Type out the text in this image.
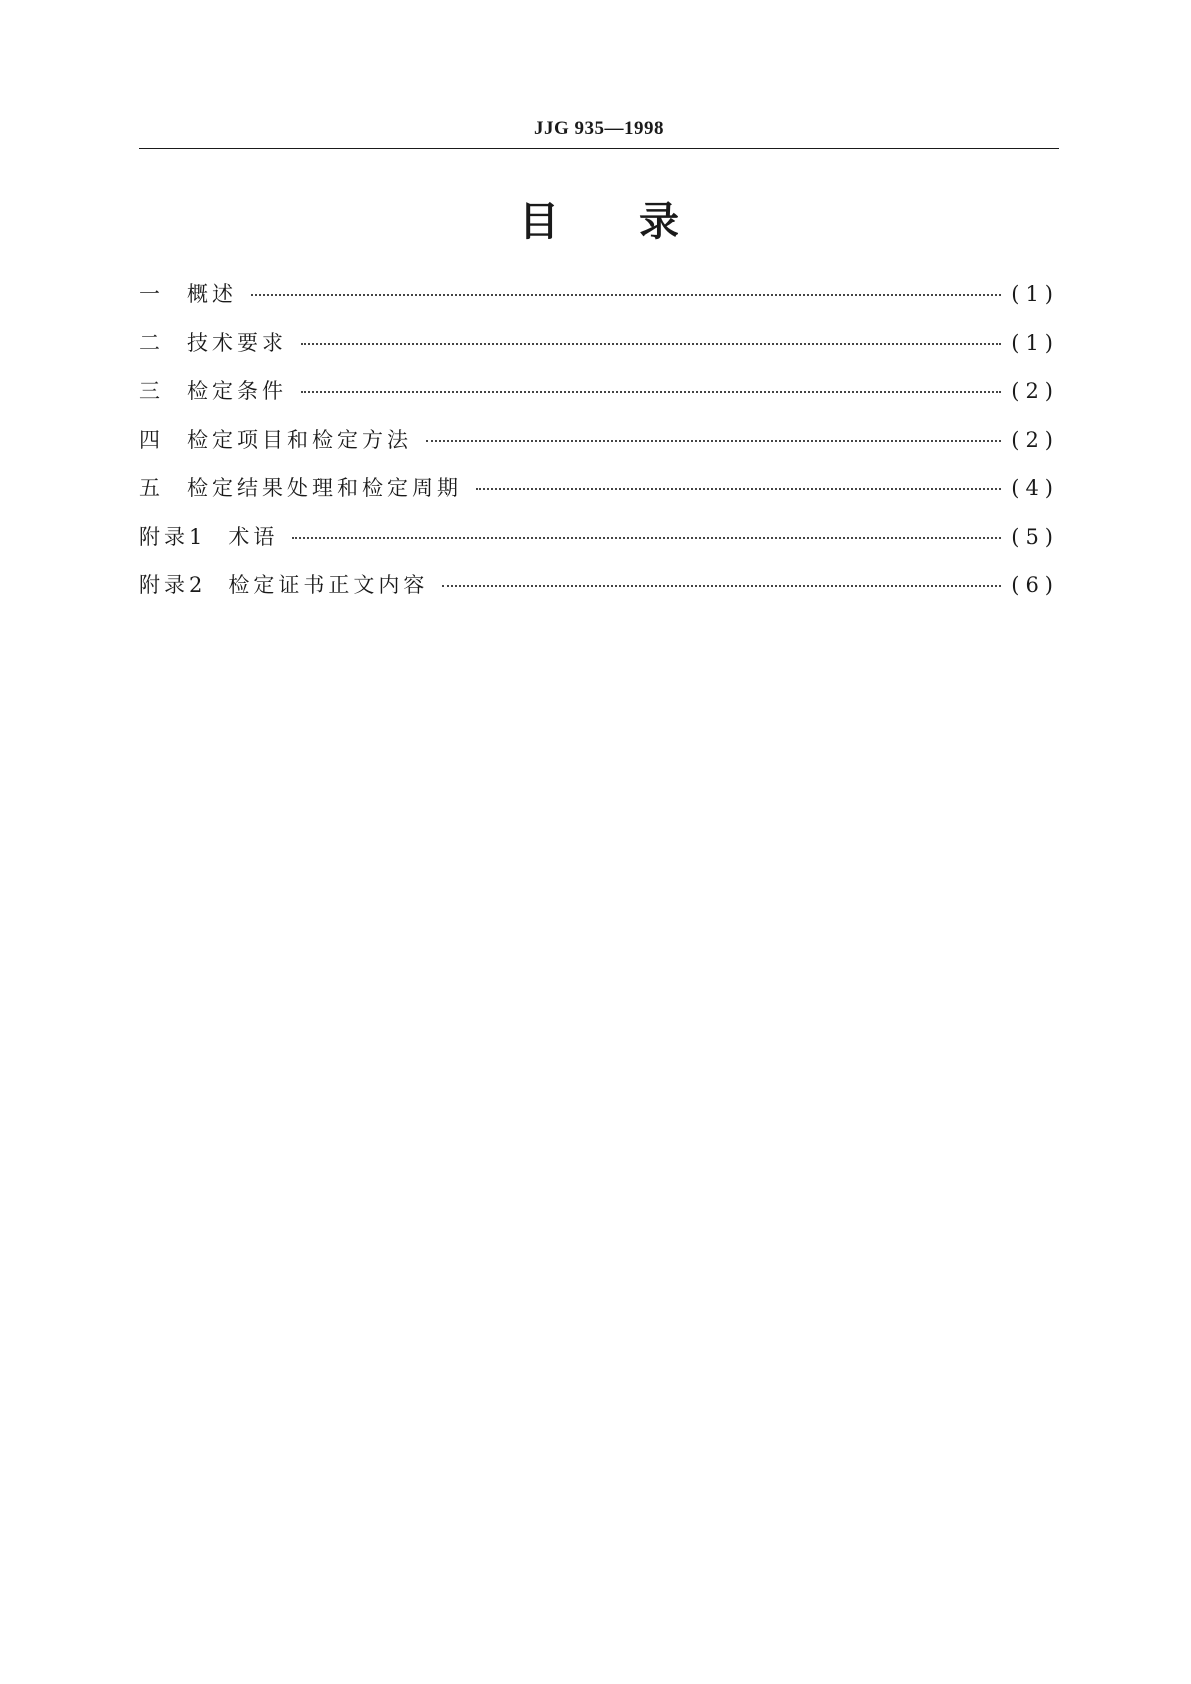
JJG 935—1998
目 录
一	概述	(1)
二	技术要求	(1)
三	检定条件	(2)
四	检定项目和检定方法	(2)
五	检定结果处理和检定周期	(4)
附录1 术语	(5)
附录2 检定证书正文内容	(6)
